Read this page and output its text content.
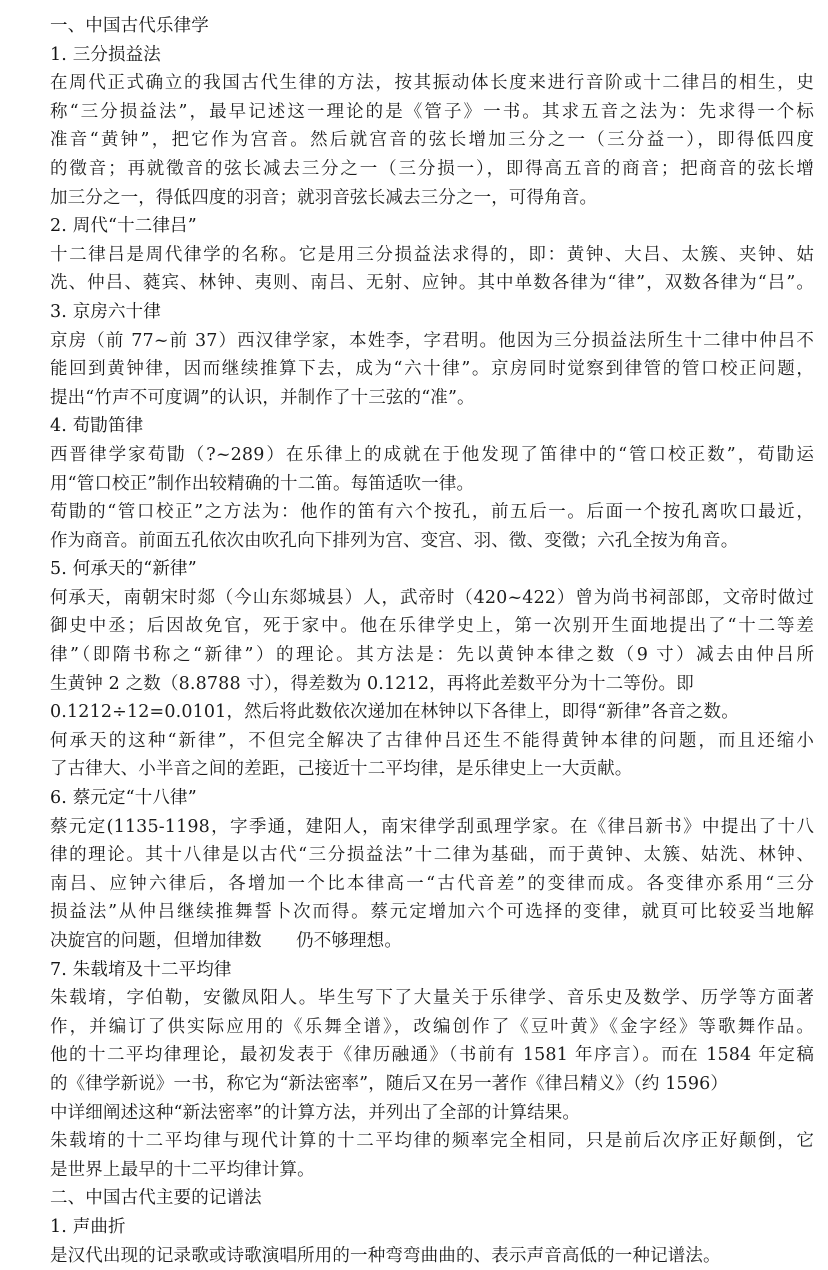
一、中国古代乐律学
1. 三分损益法
在周代正式确立的我国古代生律的方法，按其振动体长度来进行音阶或十二律吕的相生，史
称“三分损益法”，最早记述这一理论的是《管子》一书。其求五音之法为：先求得一个标
准音“黄钟”，把它作为宫音。然后就宫音的弦长增加三分之一（三分益一），即得低四度
的徵音；再就徵音的弦长减去三分之一（三分损一），即得高五音的商音；把商音的弦长增
加三分之一，得低四度的羽音；就羽音弦长减去三分之一，可得角音。
2. 周代“十二律吕”
十二律吕是周代律学的名称。它是用三分损益法求得的，即：黄钟、大吕、太簇、夹钟、姑
冼、仲吕、蕤宾、林钟、夷则、南吕、无射、应钟。其中单数各律为“律”，双数各律为“吕”。
3. 京房六十律
京房（前 77~前 37）西汉律学家，本姓李，字君明。他因为三分损益法所生十二律中仲吕不
能回到黄钟律，因而继续推算下去，成为“六十律”。京房同时觉察到律管的管口校正问题，
提出“竹声不可度调”的认识，并制作了十三弦的“准”。
4. 荀勖笛律
西晋律学家荀勖（?~289）在乐律上的成就在于他发现了笛律中的“管口校正数”，荀勖运
用“管口校正”制作出较精确的十二笛。每笛适吹一律。
荀勖的“管口校正”之方法为：他作的笛有六个按孔，前五后一。后面一个按孔离吹口最近，
作为商音。前面五孔依次由吹孔向下排列为宫、变宫、羽、徵、变徵；六孔全按为角音。
5. 何承天的“新律”
何承天，南朝宋时郯（今山东郯城县）人，武帝时（420~422）曾为尚书祠部郎，文帝时做过
御史中丞；后因故免官，死于家中。他在乐律学史上，第一次别开生面地提出了“十二等差
律”（即隋书称之“新律”）的理论。其方法是：先以黄钟本律之数（9 寸）减去由仲吕所
生黄钟 2 之数（8.8788 寸），得差数为 0.1212，再将此差数平分为十二等份。即
0.1212÷12=0.0101，然后将此数依次递加在林钟以下各律上，即得“新律”各音之数。
何承天的这种“新律”，不但完全解决了古律仲吕还生不能得黄钟本律的问题，而且还缩小
了古律大、小半音之间的差距，己接近十二平均律，是乐律史上一大贡献。
6. 蔡元定“十八律”
蔡元定(1135-1198，字季通，建阳人，南宋律学刮虱理学家。在《律吕新书》中提出了十八
律的理论。其十八律是以古代“三分损益法”十二律为基础，而于黄钟、太簇、姑洗、林钟、
南吕、应钟六律后，各增加一个比本律高一“古代音差”的变律而成。各变律亦系用“三分
损益法”从仲吕继续推舞誓卜次而得。蔡元定增加六个可选择的变律，就頁可比较妥当地解
决旋宫的问题，但增加律数      仍不够理想。
7. 朱载堉及十二平均律
朱载堉，字伯勒，安徽凤阳人。毕生写下了大量关于乐律学、音乐史及数学、历学等方面著
作，并编订了供实际应用的《乐舞全谱》，改编创作了《豆叶黄》《金字经》等歌舞作品。
他的十二平均律理论，最初发表于《律历融通》（书前有 1581 年序言）。而在 1584 年定稿
的《律学新说》一书，称它为“新法密率”，随后又在另一著作《律吕精义》（约 1596）
中详细阐述这种“新法密率”的计算方法，并列出了全部的计算结果。
朱载堉的十二平均律与现代计算的十二平均律的频率完全相同，只是前后次序正好颠倒，它
是世界上最早的十二平均律计算。
二、中国古代主要的记谱法
1. 声曲折
是汉代出现的记录歌或诗歌演唱所用的一种弯弯曲曲的、表示声音高低的一种记谱法。
